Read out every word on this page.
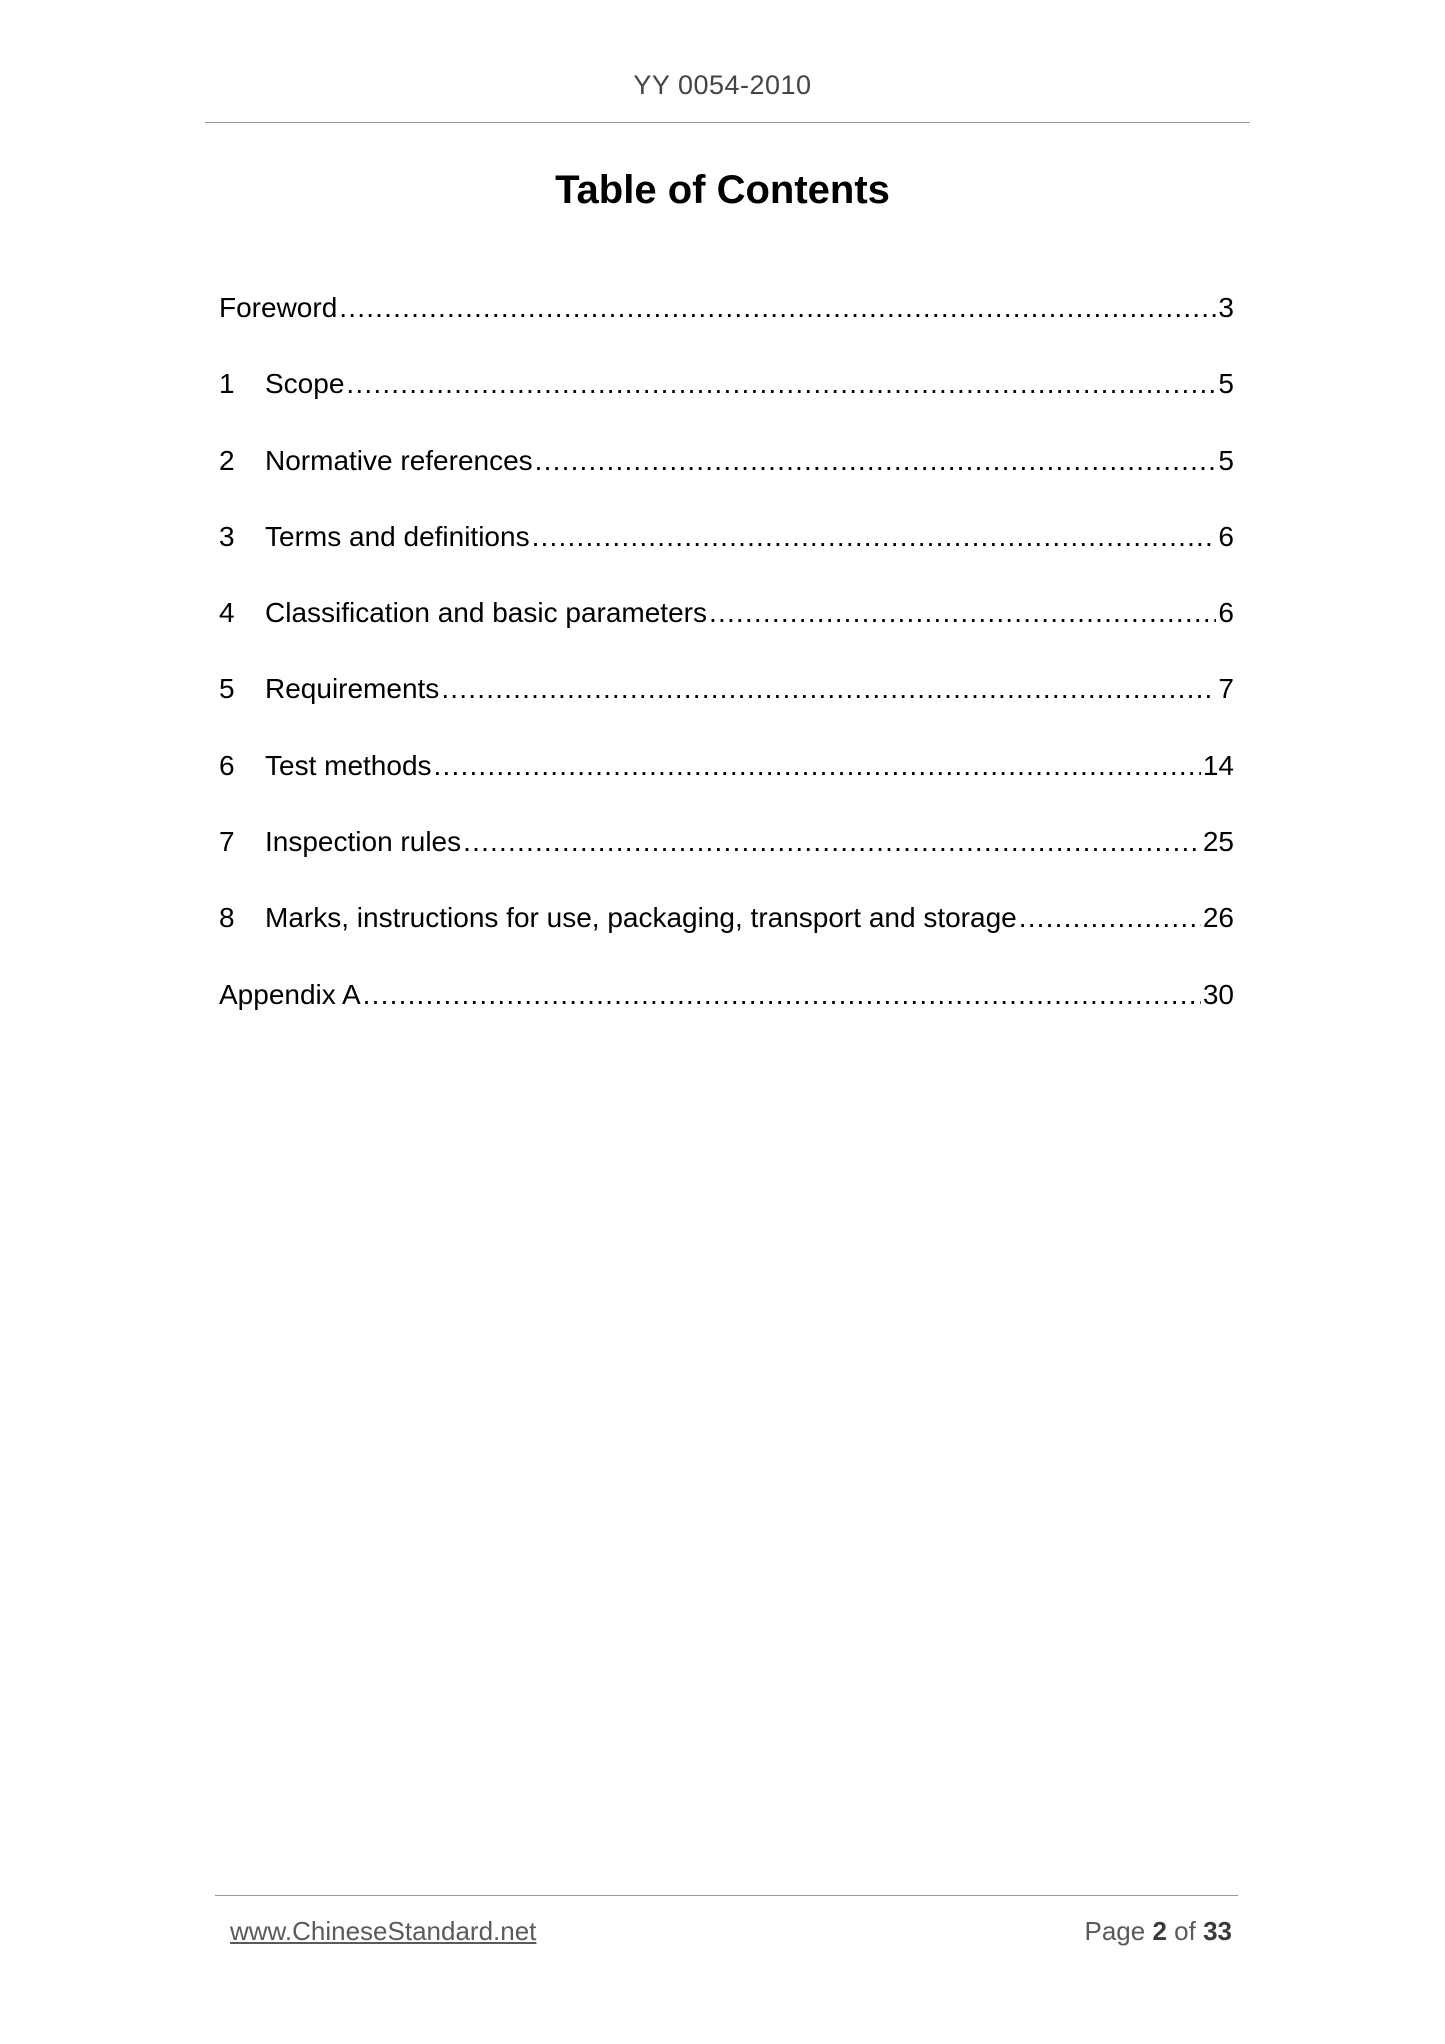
YY 0054-2010
Table of Contents
Foreword .....	3
1	Scope .....	5
2	Normative references .....	5
3	Terms and definitions .....	6
4	Classification and basic parameters .....	6
5	Requirements .....	7
6	Test methods .....	14
7	Inspection rules .....	25
8	Marks, instructions for use, packaging, transport and storage .....	26
Appendix A .....	30
www.ChineseStandard.net	Page 2 of 33
